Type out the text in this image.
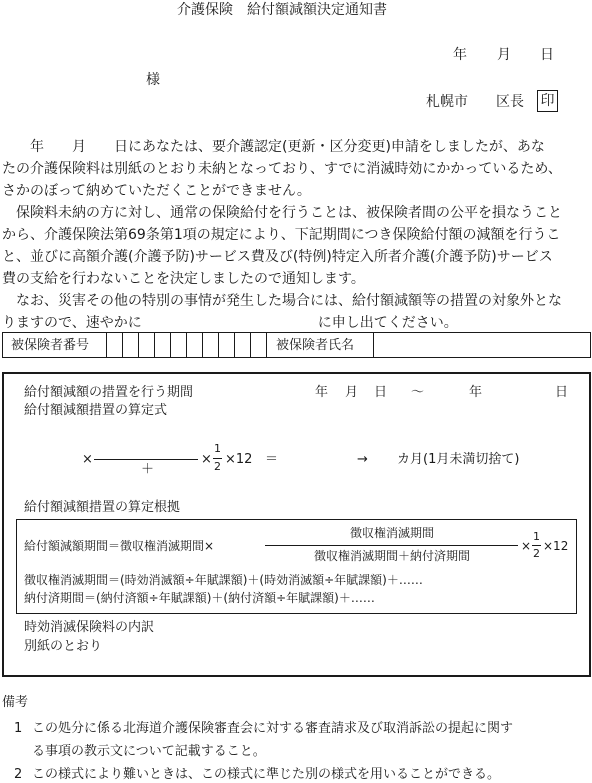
介護保険　給付額減額決定通知書
年 月 日
様
札幌市 区長 印

　　年　　月　　日にあなたは、要介護認定(更新・区分変更)申請をしましたが、あな

たの介護保険料は別紙のとおり未納となっており、すでに消滅時効にかかっているため、

さかのぼって納めていただくことができません。

　保険料未納の方に対し、通常の保険給付を行うことは、被保険者間の公平を損なうこと

から、介護保険法第69条第1項の規定により、下記期間につき保険給付額の減額を行うこ

と、並びに高額介護(介護予防)サービス費及び(特例)特定入所者介護(介護予防)サービス

費の支給を行わないことを決定しましたので通知します。

　なお、災害その他の特別の事情が発生した場合には、給付額減額等の措置の対象外とな

りますので、速やかに	に申し出てください。

被保険者番号	被保険者氏名
給付額減額の措置を行う期間	年 月 日 〜	年	日
給付額減額措置の算定式
×
＋
×
1
2 ×12 ＝	→ カ月(1月未満切捨て)
給付額減額措置の算定根拠
給付額減額期間＝徴収権消滅期間×
徴収権消滅期間
徴収権消滅期間＋納付済期間
×
1
2
×12
徴収権消滅期間＝(時効消滅額÷年賦課額)＋(時効消滅額÷年賦課額)＋……
納付済期間＝(納付済額÷年賦課額)＋(納付済額÷年賦課額)＋……
時効消滅保険料の内訳
別紙のとおり
備考
1 この処分に係る北海道介護保険審査会に対する審査請求及び取消訴訟の提起に関す
る事項の教示文について記載すること。
2 この様式により難いときは、この様式に準じた別の様式を用いることができる。
